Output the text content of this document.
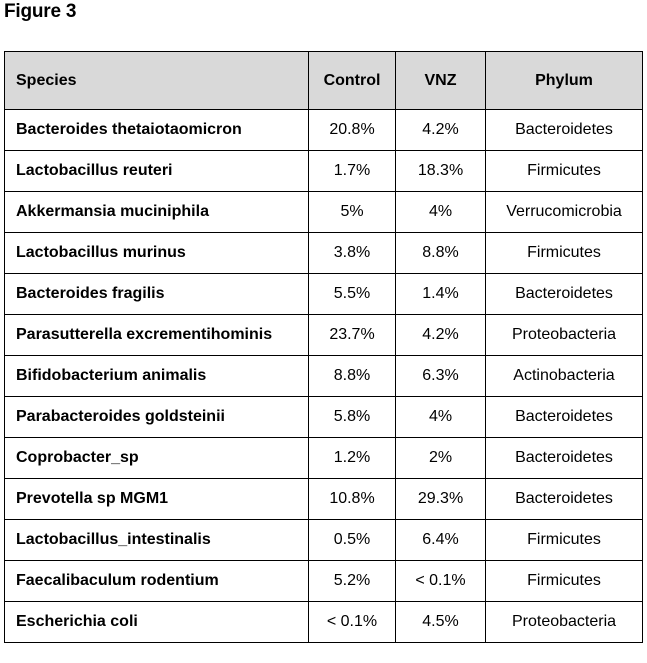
Figure 3
Species	Control	VNZ	Phylum
Bacteroides thetaiotaomicron	20.8%	4.2%	Bacteroidetes
Lactobacillus reuteri	1.7%	18.3%	Firmicutes
Akkermansia muciniphila	5%	4%	Verrucomicrobia
Lactobacillus murinus	3.8%	8.8%	Firmicutes
Bacteroides fragilis	5.5%	1.4%	Bacteroidetes
Parasutterella excrementihominis	23.7%	4.2%	Proteobacteria
Bifidobacterium animalis	8.8%	6.3%	Actinobacteria
Parabacteroides goldsteinii	5.8%	4%	Bacteroidetes
Coprobacter_sp	1.2%	2%	Bacteroidetes
Prevotella sp MGM1	10.8%	29.3%	Bacteroidetes
Lactobacillus_intestinalis	0.5%	6.4%	Firmicutes
Faecalibaculum rodentium	5.2%	< 0.1%	Firmicutes
Escherichia coli	< 0.1%	4.5%	Proteobacteria
